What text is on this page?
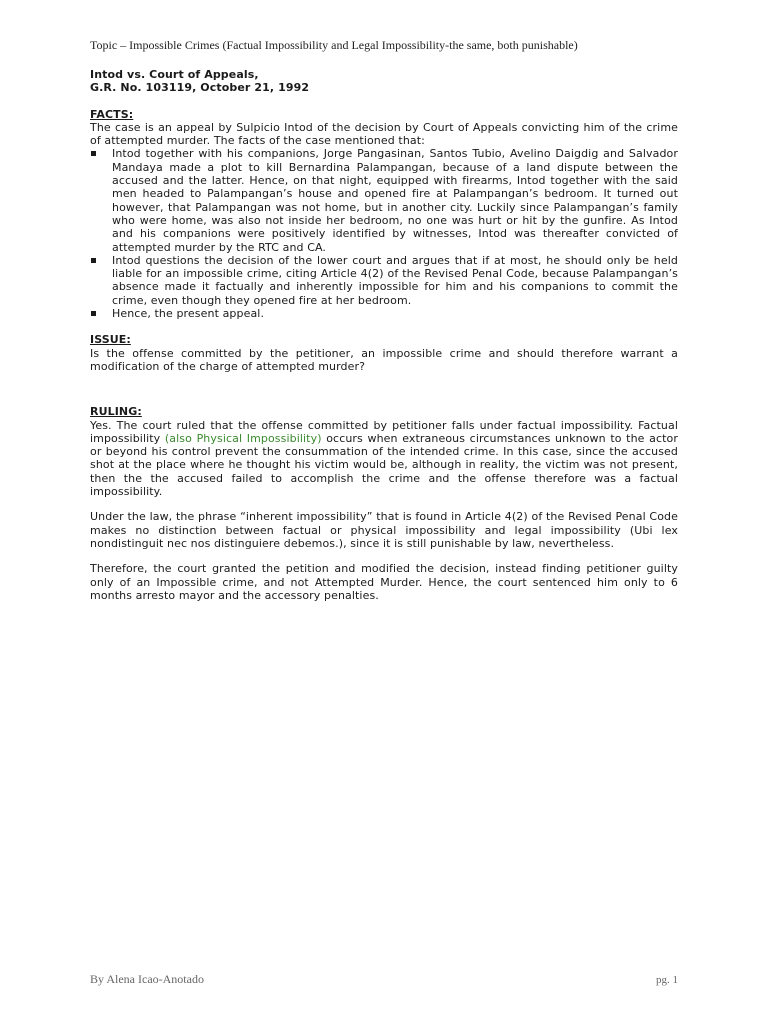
Topic – Impossible Crimes (Factual Impossibility and Legal Impossibility-the same, both punishable)
Intod vs. Court of Appeals,
G.R. No. 103119, October 21, 1992
FACTS:

The case is an appeal by Sulpicio Intod of the decision by Court of Appeals convicting him of the crime of attempted murder. The facts of the case mentioned that:

Intod together with his companions, Jorge Pangasinan, Santos Tubio, Avelino Daigdig and Salvador Mandaya made a plot to kill Bernardina Palampangan, because of a land dispute between the accused and the latter. Hence, on that night, equipped with firearms, Intod together with the said men headed to Palampangan’s house and opened fire at Palampangan’s bedroom. It turned out however, that Palampangan was not home, but in another city. Luckily since Palampangan’s family who were home, was also not inside her bedroom, no one was hurt or hit by the gunfire. As Intod and his companions were positively identified by witnesses, Intod was thereafter convicted of attempted murder by the RTC and CA.
Intod questions the decision of the lower court and argues that if at most, he should only be held liable for an impossible crime, citing Article 4(2) of the Revised Penal Code, because Palampangan’s absence made it factually and inherently impossible for him and his companions to commit the crime, even though they opened fire at her bedroom.
Hence, the present appeal.
ISSUE:

Is the offense committed by the petitioner, an impossible crime and should therefore warrant a modification of the charge of attempted murder?

RULING:

Yes. The court ruled that the offense committed by petitioner falls under factual impossibility. Factual impossibility (also Physical Impossibility) occurs when extraneous circumstances unknown to the actor or beyond his control prevent the consummation of the intended crime. In this case, since the accused shot at the place where he thought his victim would be, although in reality, the victim was not present, then the the accused failed to accomplish the crime and the offense therefore was a factual impossibility.

Under the law, the phrase “inherent impossibility” that is found in Article 4(2) of the Revised Penal Code makes no distinction between factual or physical impossibility and legal impossibility (Ubi lex nondistinguit nec nos distinguiere debemos.), since it is still punishable by law, nevertheless.

Therefore, the court granted the petition and modified the decision, instead finding petitioner guilty only of an Impossible crime, and not Attempted Murder. Hence, the court sentenced him only to 6 months arresto mayor and the accessory penalties.

By Alena Icao-Anotado	pg. 1
